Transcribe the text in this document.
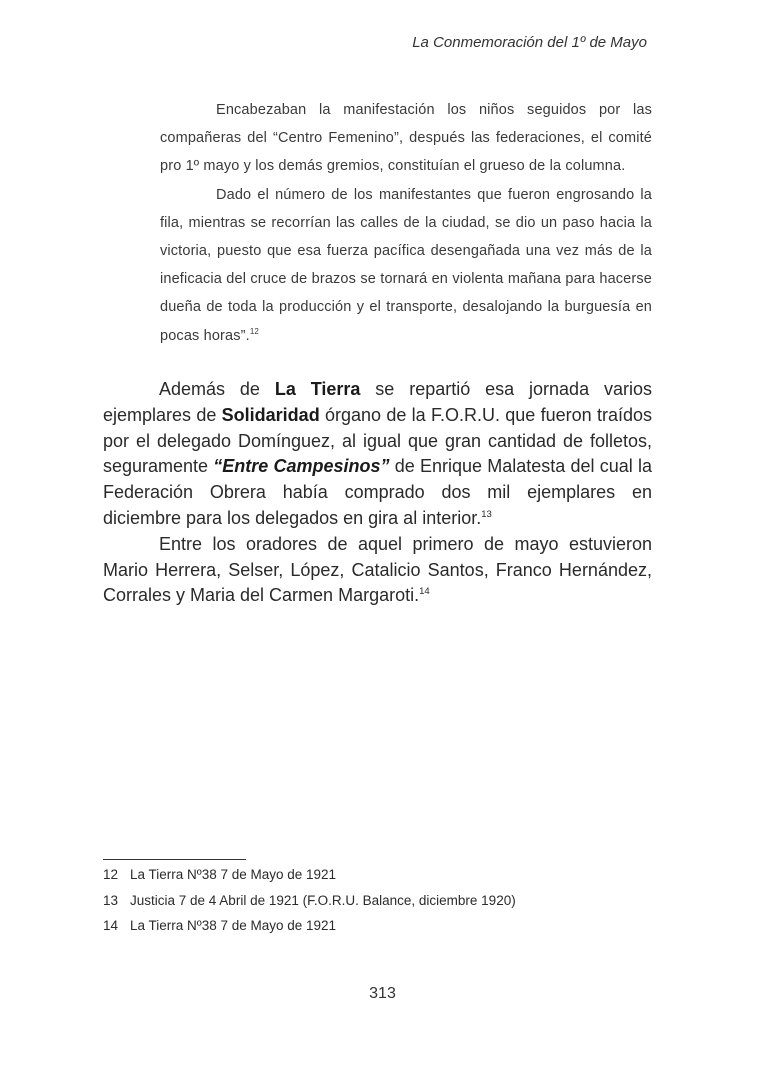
La Conmemoración del 1º de Mayo

Encabezaban la manifestación los niños seguidos por las compañeras del “Centro Femenino”, después las federaciones, el comité pro 1º mayo y los demás gremios, constituían el grueso de la columna.

Dado el número de los manifestantes que fueron engrosando la fila, mientras se recorrían las calles de la ciudad, se dio un paso hacia la victoria, puesto que esa fuerza pacífica desengañada una vez más de la ineficacia del cruce de brazos se tornará en violenta mañana para hacerse dueña de toda la producción y el transporte, desalojando la burguesía en pocas horas”.$^{12}$

Además de La Tierra se repartió esa jornada varios ejemplares de Solidaridad órgano de la F.O.R.U. que fueron traídos por el delegado Domínguez, al igual que gran cantidad de folletos, seguramente “Entre Campesinos” de Enrique Malatesta del cual la Federación Obrera había comprado dos mil ejemplares en diciembre para los delegados en gira al interior.$^{13}$

Entre los oradores de aquel primero de mayo estuvieron Mario Herrera, Selser, López, Catalicio Santos, Franco Hernández, Corrales y Maria del Carmen Margaroti.$^{14}$

12 La Tierra Nº38 7 de Mayo de 1921
13 Justicia 7 de 4 Abril de 1921 (F.O.R.U. Balance, diciembre 1920)
14 La Tierra Nº38 7 de Mayo de 1921
313
